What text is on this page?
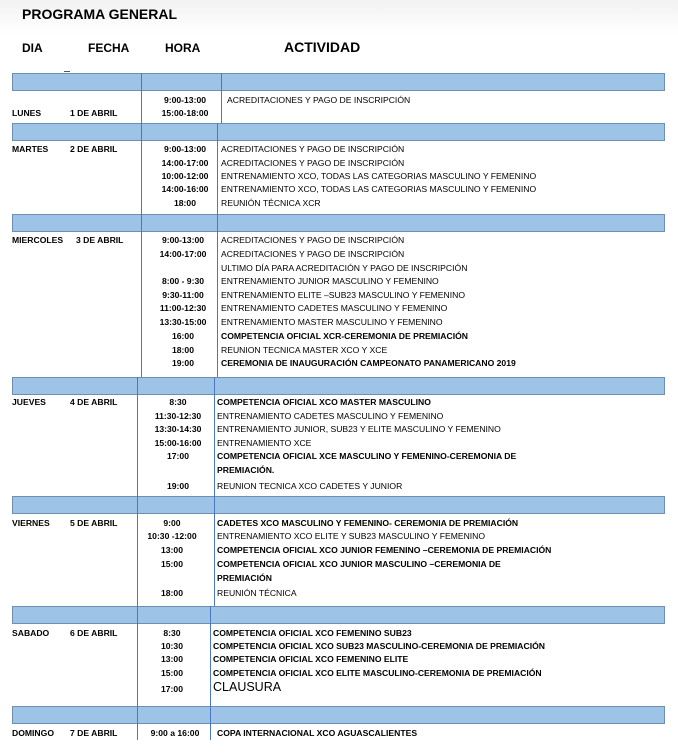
PROGRAMA GENERAL
DIA	FECHA	HORA	ACTIVIDAD
LUNES	1 DE ABRIL
9:00-13:00	ACREDITACIONES Y PAGO DE INSCRIPCIÓN
15:00-18:00
MARTES	2 DE ABRIL	9:00-13:00	ACREDITACIONES Y PAGO DE INSCRIPCIÓN
14:00-17:00	ACREDITACIONES Y PAGO DE INSCRIPCIÓN
10:00-12:00	ENTRENAMIENTO XCO, TODAS LAS CATEGORIAS MASCULINO Y FEMENINO
14:00-16:00	ENTRENAMIENTO XCO, TODAS LAS CATEGORIAS MASCULINO Y FEMENINO
18:00	REUNIÓN TÉCNICA XCR
MIERCOLES 3 DE ABRIL	9:00-13:00	ACREDITACIONES Y PAGO DE INSCRIPCIÓN
14:00-17:00	ACREDITACIONES Y PAGO DE INSCRIPCIÓN
ULTIMO DÍA PARA ACREDITACIÓN Y PAGO DE INSCRIPCIÓN
8:00 - 9:30	ENTRENAMIENTO JUNIOR MASCULINO Y FEMENINO
9:30-11:00	ENTRENAMIENTO ELITE –SUB23 MASCULINO Y FEMENINO
11:00-12:30	ENTRENAMIENTO CADETES MASCULINO Y FEMENINO
13:30-15:00	ENTRENAMIENTO MASTER MASCULINO Y FEMENINO
16:00	COMPETENCIA OFICIAL XCR-CEREMONIA DE PREMIACIÓN
18:00	REUNION TECNICA MASTER XCO Y XCE
19:00	CEREMONIA DE INAUGURACIÓN CAMPEONATO PANAMERICANO 2019
JUEVES	4 DE ABRIL	8:30	COMPETENCIA OFICIAL XCO MASTER MASCULINO
11:30-12:30	ENTRENAMIENTO CADETES MASCULINO Y FEMENINO
13:30-14:30	ENTRENAMIENTO JUNIOR, SUB23 Y ELITE MASCULINO Y FEMENINO
15:00-16:00	ENTRENAMIENTO XCE
17:00	COMPETENCIA OFICIAL XCE MASCULINO Y FEMENINO-CEREMONIA DE
PREMIACIÓN.
19:00	REUNION TECNICA XCO CADETES Y JUNIOR
VIERNES 5 DE ABRIL	9:00	CADETES XCO MASCULINO Y FEMENINO- CEREMONIA DE PREMIACIÓN
10:30 -12:00	ENTRENAMIENTO XCO ELITE Y SUB23 MASCULINO Y FEMENINO
13:00	COMPETENCIA OFICIAL XCO JUNIOR FEMENINO –CEREMONIA DE PREMIACIÓN
15:00	COMPETENCIA OFICIAL XCO JUNIOR MASCULINO –CEREMONIA DE
PREMIACIÓN
18:00	REUNIÓN TÉCNICA
SABADO 6 DE ABRIL	8:30	COMPETENCIA OFICIAL XCO FEMENINO SUB23
10:30	COMPETENCIA OFICIAL XCO SUB23 MASCULINO-CEREMONIA DE PREMIACIÓN
13:00	COMPETENCIA OFICIAL XCO FEMENINO ELITE
15:00	COMPETENCIA OFICIAL XCO ELITE MASCULINO-CEREMONIA DE PREMIACIÓN
17:00	CLAUSURA
DOMINGO 7 DE ABRIL	9:00 a 16:00	COPA INTERNACIONAL XCO AGUASCALIENTES
